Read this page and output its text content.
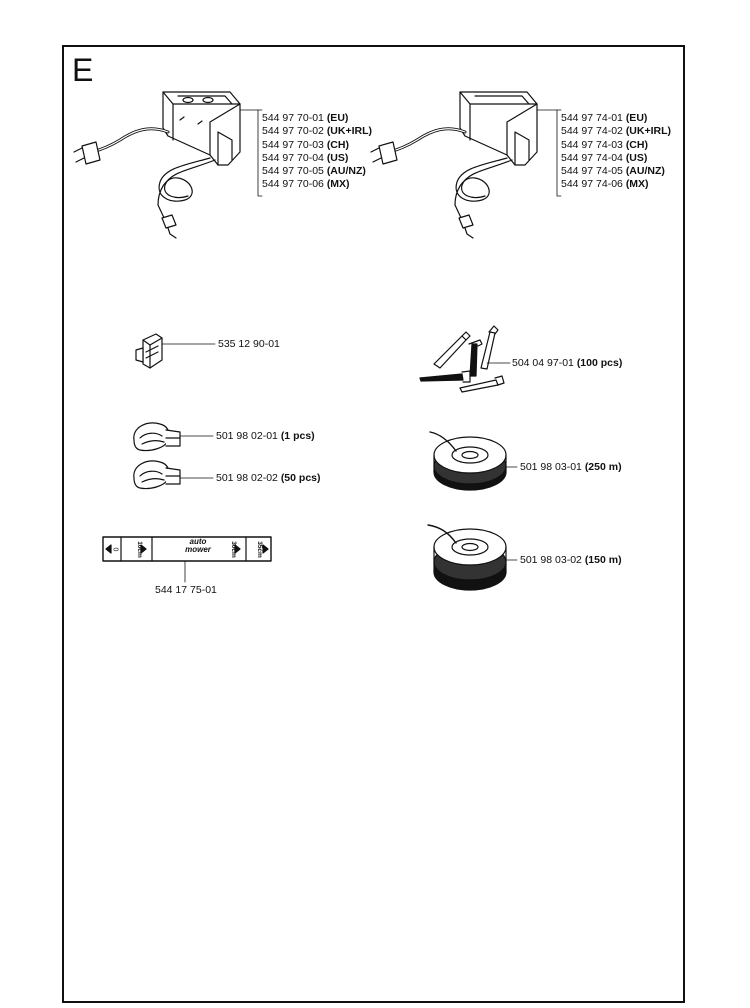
E
0	10cm	30cm	35cm
auto
mower
544 97 70-01 (EU)
544 97 70-02 (UK+IRL)
544 97 70-03 (CH)
544 97 70-04 (US)
544 97 70-05 (AU/NZ)
544 97 70-06 (MX)
544 97 74-01 (EU)
544 97 74-02 (UK+IRL)
544 97 74-03 (CH)
544 97 74-04 (US)
544 97 74-05 (AU/NZ)
544 97 74-06 (MX)
535 12 90-01
504 04 97-01 (100 pcs)
501 98 02-01 (1 pcs)
501 98 02-02 (50 pcs)
501 98 03-01 (250 m)
501 98 03-02 (150 m)
544 17 75-01
